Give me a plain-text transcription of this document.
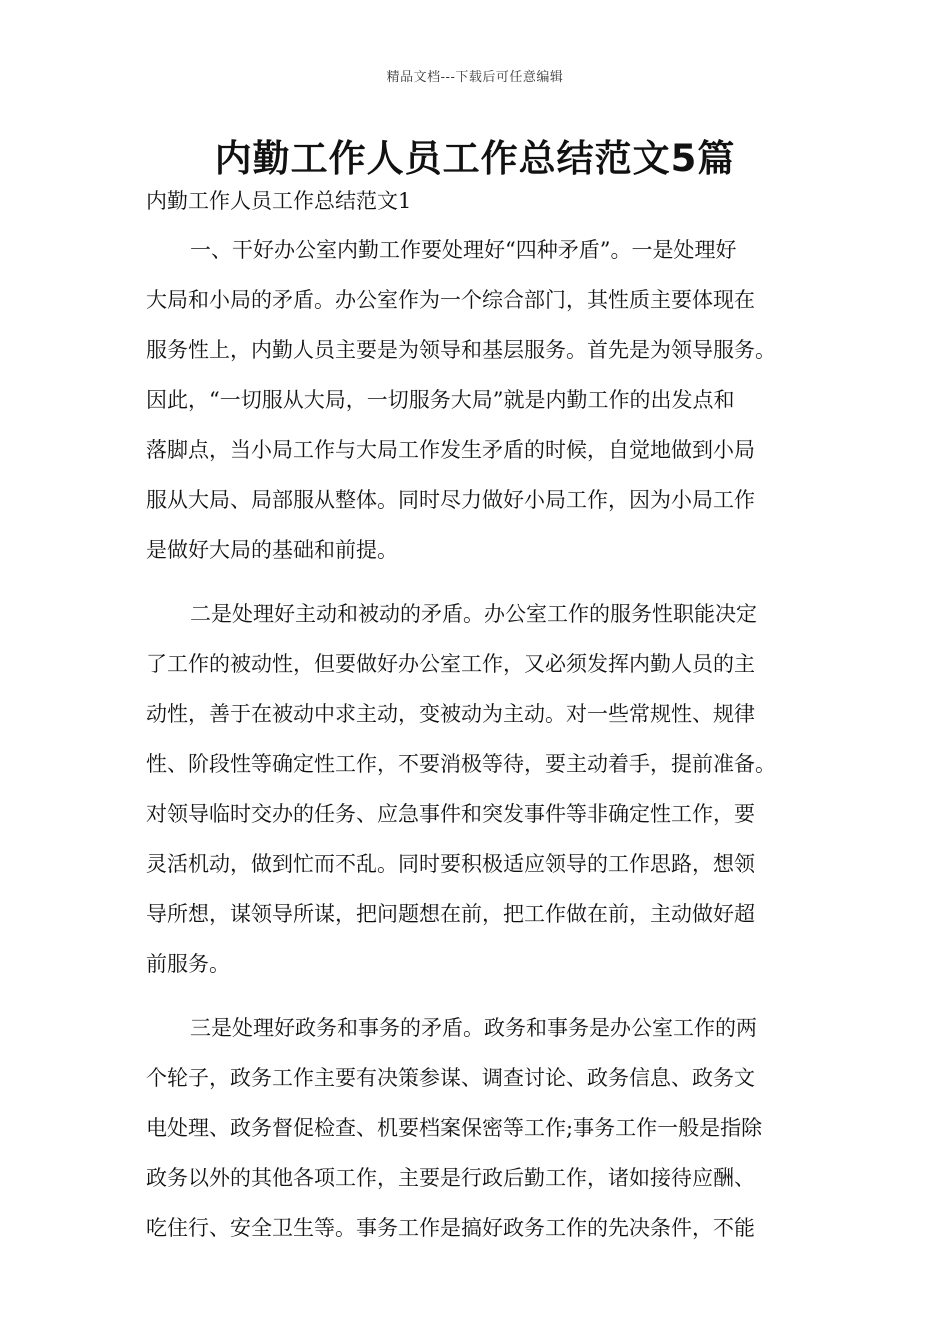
精品文档---下载后可任意编辑
内勤工作人员工作总结范文5篇
内勤工作人员工作总结范文1
一、干好办公室内勤工作要处理好“四种矛盾”。一是处理好
大局和小局的矛盾。办公室作为一个综合部门，其性质主要体现在
服务性上，内勤人员主要是为领导和基层服务。首先是为领导服务。
因此，“一切服从大局，一切服务大局”就是内勤工作的出发点和
落脚点，当小局工作与大局工作发生矛盾的时候，自觉地做到小局
服从大局、局部服从整体。同时尽力做好小局工作，因为小局工作
是做好大局的基础和前提。
二是处理好主动和被动的矛盾。办公室工作的服务性职能决定
了工作的被动性，但要做好办公室工作，又必须发挥内勤人员的主
动性，善于在被动中求主动，变被动为主动。对一些常规性、规律
性、阶段性等确定性工作，不要消极等待，要主动着手，提前准备。
对领导临时交办的任务、应急事件和突发事件等非确定性工作，要
灵活机动，做到忙而不乱。同时要积极适应领导的工作思路，想领
导所想，谋领导所谋，把问题想在前，把工作做在前，主动做好超
前服务。
三是处理好政务和事务的矛盾。政务和事务是办公室工作的两
个轮子，政务工作主要有决策参谋、调查讨论、政务信息、政务文
电处理、政务督促检查、机要档案保密等工作;事务工作一般是指除
政务以外的其他各项工作，主要是行政后勤工作，诸如接待应酬、
吃住行、安全卫生等。事务工作是搞好政务工作的先决条件，不能
